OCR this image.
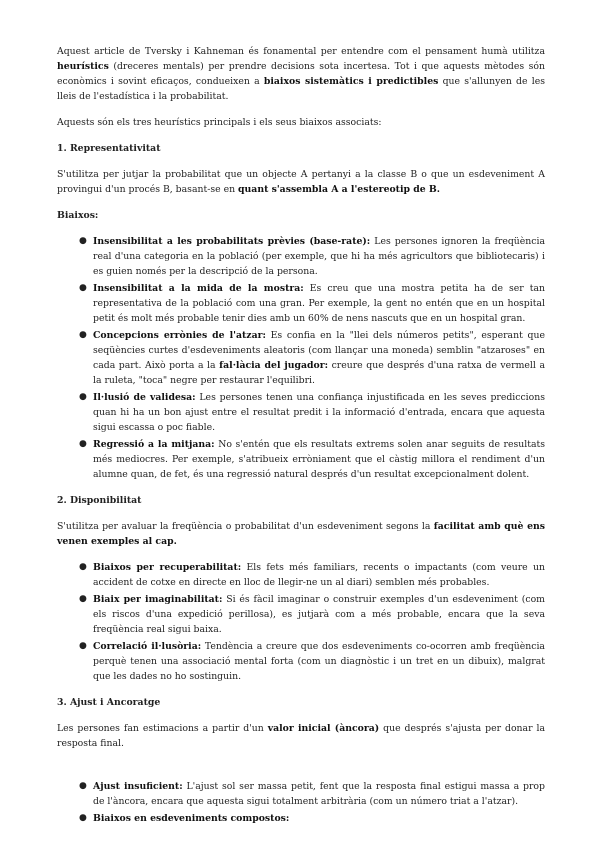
Aquest article de Tversky i Kahneman és fonamental per entendre com el pensament humà utilitza heurístics (dreceres mentals) per prendre decisions sota incertesa. Tot i que aquests mètodes són econòmics i sovint eficaços, condueixen a biaixos sistemàtics i predictibles que s'allunyen de les lleis de l'estadística i la probabilitat.

Aquests són els tres heurístics principals i els seus biaixos associats:

1. Representativitat

S'utilitza per jutjar la probabilitat que un objecte A pertanyi a la classe B o que un esdeveniment A provingui d'un procés B, basant-se en quant s'assembla A a l'estereotip de B.

Biaixos:
● Insensibilitat a les probabilitats prèvies (base-rate): Les persones ignoren la freqüència real d'una categoria en la població (per exemple, que hi ha més agricultors que bibliotecaris) i es guien només per la descripció de la persona.
● Insensibilitat a la mida de la mostra: Es creu que una mostra petita ha de ser tan representativa de la població com una gran. Per exemple, la gent no entén que en un hospital petit és molt més probable tenir dies amb un 60% de nens nascuts que en un hospital gran.
● Concepcions errònies de l'atzar: Es confia en la "llei dels números petits", esperant que seqüències curtes d'esdeveniments aleatoris (com llançar una moneda) semblin "atzaroses" en cada part. Això porta a la fal·làcia del jugador: creure que després d'una ratxa de vermell a la ruleta, "toca" negre per restaurar l'equilibri.
● Il·lusió de validesa: Les persones tenen una confiança injustificada en les seves prediccions quan hi ha un bon ajust entre el resultat predit i la informació d'entrada, encara que aquesta sigui escassa o poc fiable.
● Regressió a la mitjana: No s'entén que els resultats extrems solen anar seguits de resultats més mediocres. Per exemple, s'atribueix erròniament que el càstig millora el rendiment d'un alumne quan, de fet, és una regressió natural després d'un resultat excepcionalment dolent.
2. Disponibilitat

S'utilitza per avaluar la freqüència o probabilitat d'un esdeveniment segons la facilitat amb què ens venen exemples al cap.

● Biaixos per recuperabilitat: Els fets més familiars, recents o impactants (com veure un accident de cotxe en directe en lloc de llegir-ne un al diari) semblen més probables.
● Biaix per imaginabilitat: Si és fàcil imaginar o construir exemples d'un esdeveniment (com els riscos d'una expedició perillosa), es jutjarà com a més probable, encara que la seva freqüència real sigui baixa.
● Correlació il·lusòria: Tendència a creure que dos esdeveniments co-ocorren amb freqüència perquè tenen una associació mental forta (com un diagnòstic i un tret en un dibuix), malgrat que les dades no ho sostinguin.
3. Ajust i Ancoratge

Les persones fan estimacions a partir d'un valor inicial (àncora) que després s'ajusta per donar la resposta final.

● Ajust insuficient: L'ajust sol ser massa petit, fent que la resposta final estigui massa a prop de l'àncora, encara que aquesta sigui totalment arbitrària (com un número triat a l'atzar).
● Biaixos en esdeveniments compostos:
